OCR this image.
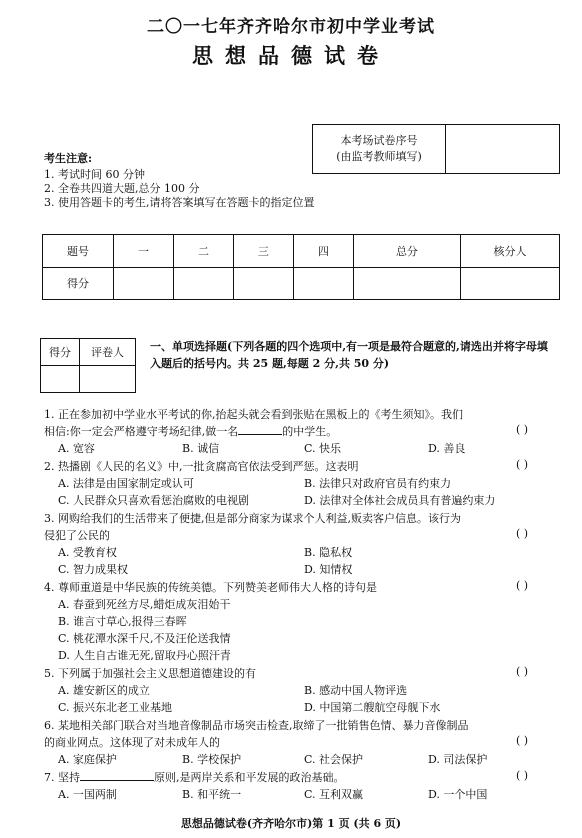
二〇一七年齐齐哈尔市初中学业考试
思想品德试卷
本考场试卷序号
(由监考教师填写)
考生注意:
1. 考试时间 60 分钟
2. 全卷共四道大题,总分 100 分
3. 使用答题卡的考生,请将答案填写在答题卡的指定位置
题号	一	二	三	四	总分	核分人
得分						
得分	评卷人
	一、单项选择题(下列各题的四个选项中,有一项是最符合题意的,请选出并将字母填入题后的括号内。共 25 题,每题 2 分,共 50 分)
1. 正在参加初中学业水平考试的你,抬起头就会看到张贴在黑板上的《考生须知》。我们
相信:你一定会严格遵守考场纪律,做一名	的中学生。	( )
A. 宽容	B. 诚信	C. 快乐	D. 善良
2. 热播剧《人民的名义》中,一批贪腐高官依法受到严惩。这表明	( )
A. 法律是由国家制定或认可	B. 法律只对政府官员有约束力
C. 人民群众只喜欢看惩治腐败的电视剧	D. 法律对全体社会成员具有普遍约束力
3. 网购给我们的生活带来了便捷,但是部分商家为谋求个人利益,贩卖客户信息。该行为
侵犯了公民的	( )
A. 受教育权	B. 隐私权
C. 智力成果权	D. 知情权
4. 尊师重道是中华民族的传统美德。下列赞美老师伟大人格的诗句是	( )
A. 春蚕到死丝方尽,蜡炬成灰泪始干
B. 谁言寸草心,报得三春晖
C. 桃花潭水深千尺,不及汪伦送我情
D. 人生自古谁无死,留取丹心照汗青
5. 下列属于加强社会主义思想道德建设的有	( )
A. 雄安新区的成立	B. 感动中国人物评选
C. 振兴东北老工业基地	D. 中国第二艘航空母舰下水
6. 某地相关部门联合对当地音像制品市场突击检查,取缔了一批销售色情、暴力音像制品
的商业网点。这体现了对未成年人的	( )
A. 家庭保护	B. 学校保护	C. 社会保护	D. 司法保护
7. 坚持	原则,是两岸关系和平发展的政治基础。	( )
A. 一国两制	B. 和平统一	C. 互利双赢	D. 一个中国
思想品德试卷(齐齐哈尔市)第 1 页 (共 6 页)
